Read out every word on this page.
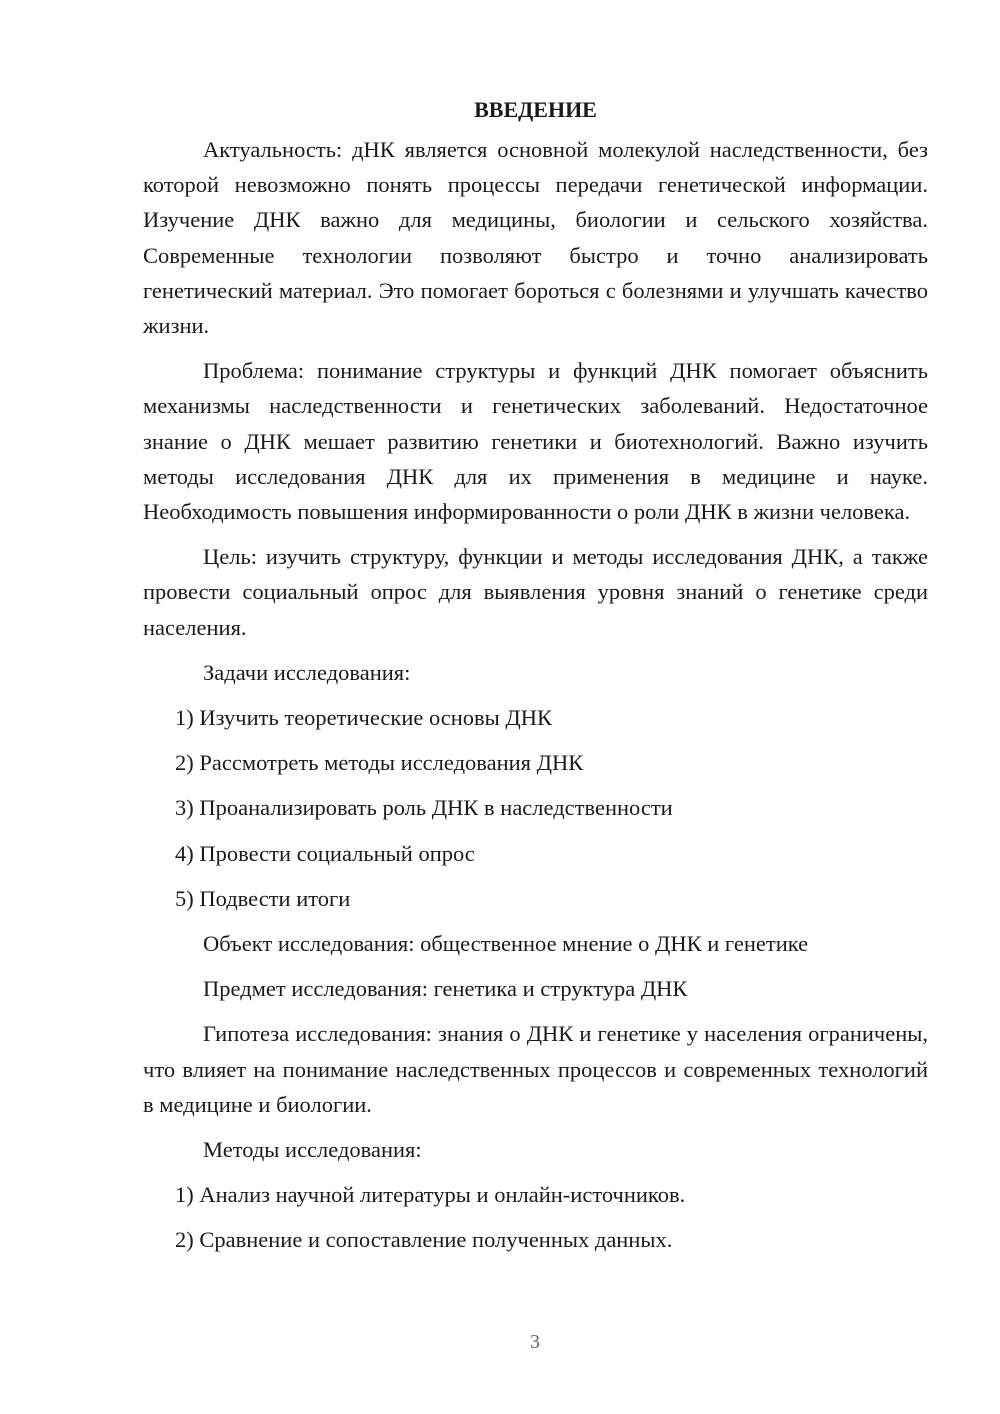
ВВЕДЕНИЕ

Актуальность: дНК является основной молекулой наследственности, без которой невозможно понять процессы передачи генетической информации. Изучение ДНК важно для медицины, биологии и сельского хозяйства. Современные технологии позволяют быстро и точно анализировать генетический материал. Это помогает бороться с болезнями и улучшать качество жизни.

Проблема: понимание структуры и функций ДНК помогает объяснить механизмы наследственности и генетических заболеваний. Недостаточное знание о ДНК мешает развитию генетики и биотехнологий. Важно изучить методы исследования ДНК для их применения в медицине и науке. Необходимость повышения информированности о роли ДНК в жизни человека.

Цель: изучить структуру, функции и методы исследования ДНК, а также провести социальный опрос для выявления уровня знаний о генетике среди населения.

Задачи исследования:

1) Изучить теоретические основы ДНК

2) Рассмотреть методы исследования ДНК

3) Проанализировать роль ДНК в наследственности

4) Провести социальный опрос

5) Подвести итоги

Объект исследования: общественное мнение о ДНК и генетике

Предмет исследования: генетика и структура ДНК

Гипотеза исследования: знания о ДНК и генетике у населения ограничены, что влияет на понимание наследственных процессов и современных технологий в медицине и биологии.

Методы исследования:

1) Анализ научной литературы и онлайн-источников.

2) Сравнение и сопоставление полученных данных.

3
